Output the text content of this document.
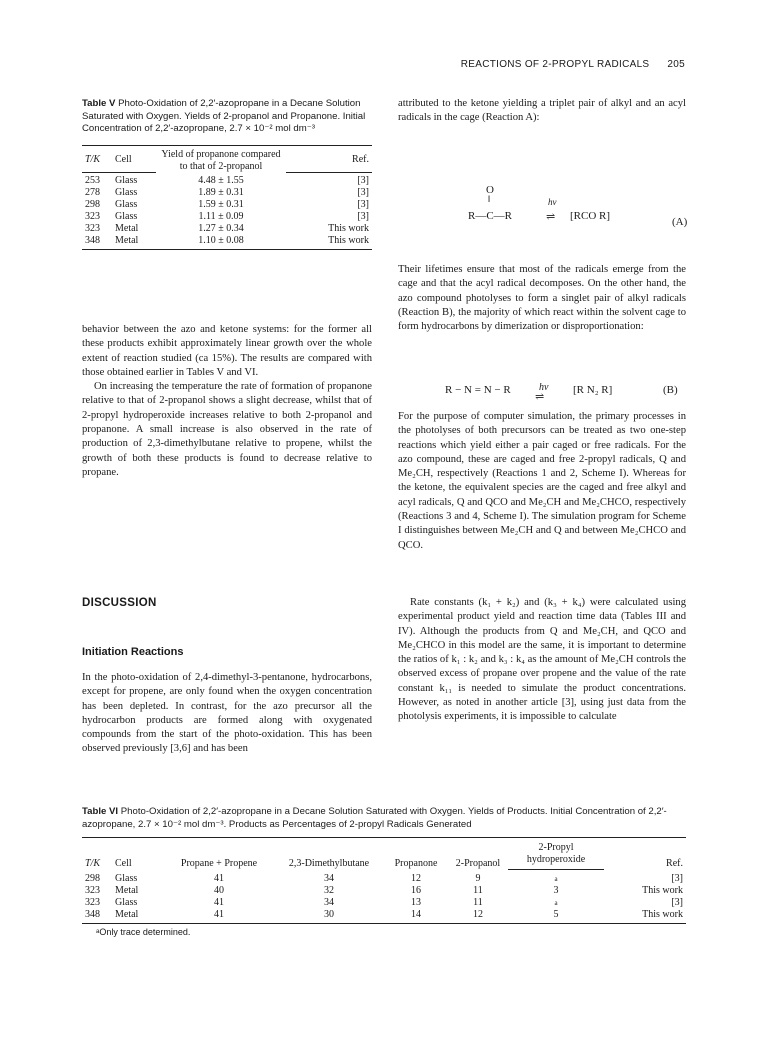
REACTIONS OF 2-PROPYL RADICALS 205
Table V Photo-Oxidation of 2,2′-azopropane in a Decane Solution Saturated with Oxygen. Yields of 2-propanol and Propanone. Initial Concentration of 2,2′-azopropane, 2.7 × 10⁻² mol dm⁻³
		Yield of propanone compared to that of 2-propanol	
T/K	Cell		Ref.
253	Glass	4.48 ± 1.55	[3]
278	Glass	1.89 ± 0.31	[3]
298	Glass	1.59 ± 0.31	[3]
323	Glass	1.11 ± 0.09	[3]
323	Metal	1.27 ± 0.34	This work
348	Metal	1.10 ± 0.08	This work

behavior between the azo and ketone systems: for the former all these products exhibit approximately linear growth over the whole extent of reaction studied (ca 15%). The results are compared with those obtained earlier in Tables V and VI.

On increasing the temperature the rate of formation of propanone relative to that of 2-propanol shows a slight decrease, whilst that of 2-propyl hydroperoxide increases relative to both 2-propanol and propanone. A small increase is also observed in the rate of production of 2,3-dimethylbutane relative to propene, whilst the growth of both these products is found to decrease relative to propane.

DISCUSSION
Initiation Reactions
In the photo-oxidation of 2,4-dimethyl-3-pentanone, hydrocarbons, except for propene, are only found when the oxygen concentration has been depleted. In contrast, for the azo precursor all the hydrocarbon products are formed along with oxygenated compounds from the start of the photo-oxidation. This has been observed previously [3,6] and has been
attributed to the ketone yielding a triplet pair of alkyl and an acyl radicals in the cage (Reaction A):
O
‖
R—C—R
hν
⇌ [RCO R]	(A)
Their lifetimes ensure that most of the radicals emerge from the cage and that the acyl radical decomposes. On the other hand, the azo compound photolyses to form a singlet pair of alkyl radicals (Reaction B), the majority of which react within the solvent cage to form hydrocarbons by dimerization or disproportionation:
R − N = N − R	hν
⇌
[R N₂ R]	(B)
For the purpose of computer simulation, the primary processes in the photolyses of both precursors can be treated as two one-step reactions which yield either a pair caged or free radicals. For the azo compound, these are caged and free 2-propyl radicals, Q and Me₂CH, respectively (Reactions 1 and 2, Scheme I). Whereas for the ketone, the equivalent species are the caged and free alkyl and acyl radicals, Q and QCO and Me₂CH and Me₂CHCO, respectively (Reactions 3 and 4, Scheme I). The simulation program for Scheme I distinguishes between Me₂CH and Q and between Me₂CHCO and QCO.
Rate constants (k₁ + k₂) and (k₃ + k₄) were calculated using experimental product yield and reaction time data (Tables III and IV). Although the products from Q and Me₂CH, and QCO and Me₂CHCO in this model are the same, it is important to determine the ratios of k₁ : k₂ and k₃ : k₄ as the amount of Me₂CH controls the observed excess of propane over propene and the value of the rate constant k₁₁ is needed to simulate the product concentrations. However, as noted in another article [3], using just data from the photolysis experiments, it is impossible to calculate
Table VI Photo-Oxidation of 2,2′-azopropane in a Decane Solution Saturated with Oxygen. Yields of Products. Initial Concentration of 2,2′-azopropane, 2.7 × 10⁻² mol dm⁻³. Products as Percentages of 2-propyl Radicals Generated
T/K	Cell	Propane + Propene	2,3-Dimethylbutane	Propanone	2-Propanol	2-Propyl hydroperoxide	Ref.

298	Glass	41	34	12	9	a	[3]
323	Metal	40	32	16	11	3	This work
323	Glass	41	34	13	11	a	[3]
348	Metal	41	30	14	12	5	This work
ᵃOnly trace determined.
